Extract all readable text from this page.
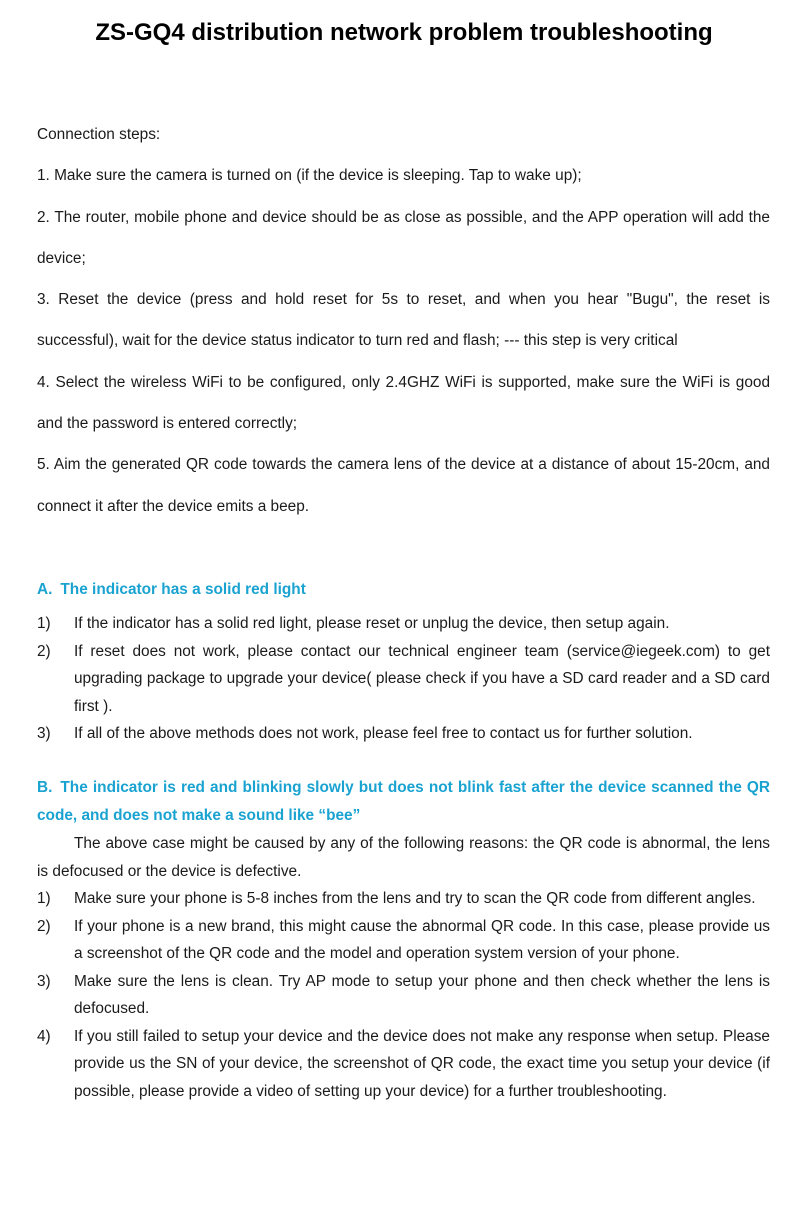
ZS-GQ4 distribution network problem troubleshooting

Connection steps:

1. Make sure the camera is turned on (if the device is sleeping. Tap to wake up);

2. The router, mobile phone and device should be as close as possible, and the APP operation will add the device;

3. Reset the device (press and hold reset for 5s to reset, and when you hear "Bugu", the reset is successful), wait for the device status indicator to turn red and flash; --- this step is very critical

4. Select the wireless WiFi to be configured, only 2.4GHZ WiFi is supported, make sure the WiFi is good and the password is entered correctly;

5. Aim the generated QR code towards the camera lens of the device at a distance of about 15-20cm, and connect it after the device emits a beep.

A. The indicator has a solid red light
1)	If the indicator has a solid red light, please reset or unplug the device, then setup again.
2)	If reset does not work, please contact our technical engineer team (service@iegeek.com) to get upgrading package to upgrade your device( please check if you have a SD card reader and a SD card first ).
3)	If all of the above methods does not work, please feel free to contact us for further solution.
B. The indicator is red and blinking slowly but does not blink fast after the device scanned the QR code, and does not make a sound like “bee”

The above case might be caused by any of the following reasons: the QR code is abnormal, the lens is defocused or the device is defective.

1)	Make sure your phone is 5-8 inches from the lens and try to scan the QR code from different angles.
2)	If your phone is a new brand, this might cause the abnormal QR code. In this case, please provide us a screenshot of the QR code and the model and operation system version of your phone.
3)	Make sure the lens is clean. Try AP mode to setup your phone and then check whether the lens is defocused.
4)	If you still failed to setup your device and the device does not make any response when setup. Please provide us the SN of your device, the screenshot of QR code, the exact time you setup your device (if possible, please provide a video of setting up your device) for a further troubleshooting.
